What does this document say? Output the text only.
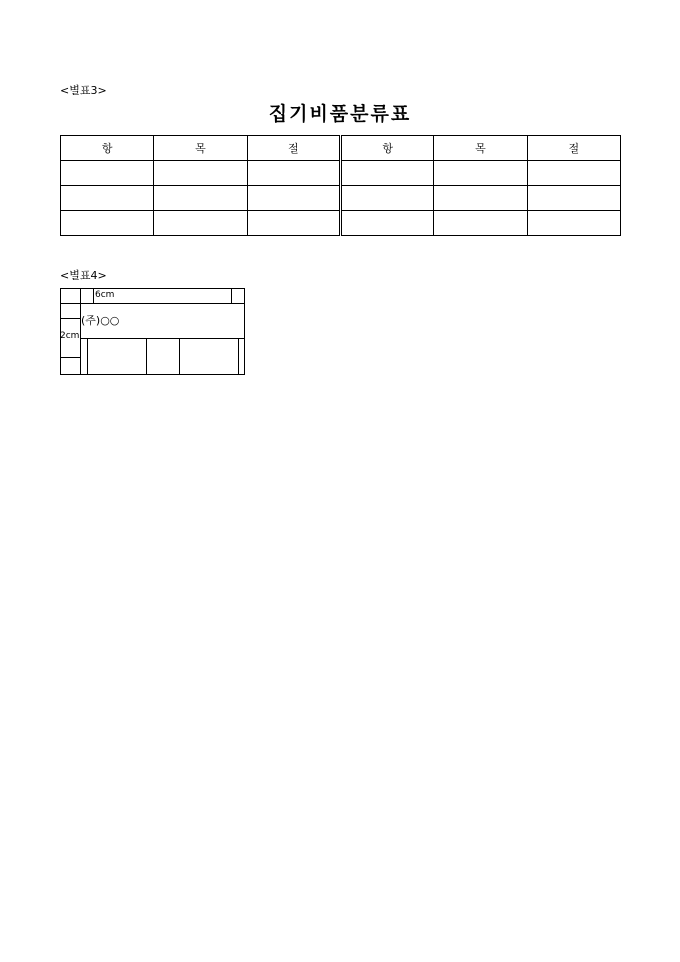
<별표3>
집기비품분류표
항	목	절	항	목	절

<별표4>
6cm
2cm
(주)○○
